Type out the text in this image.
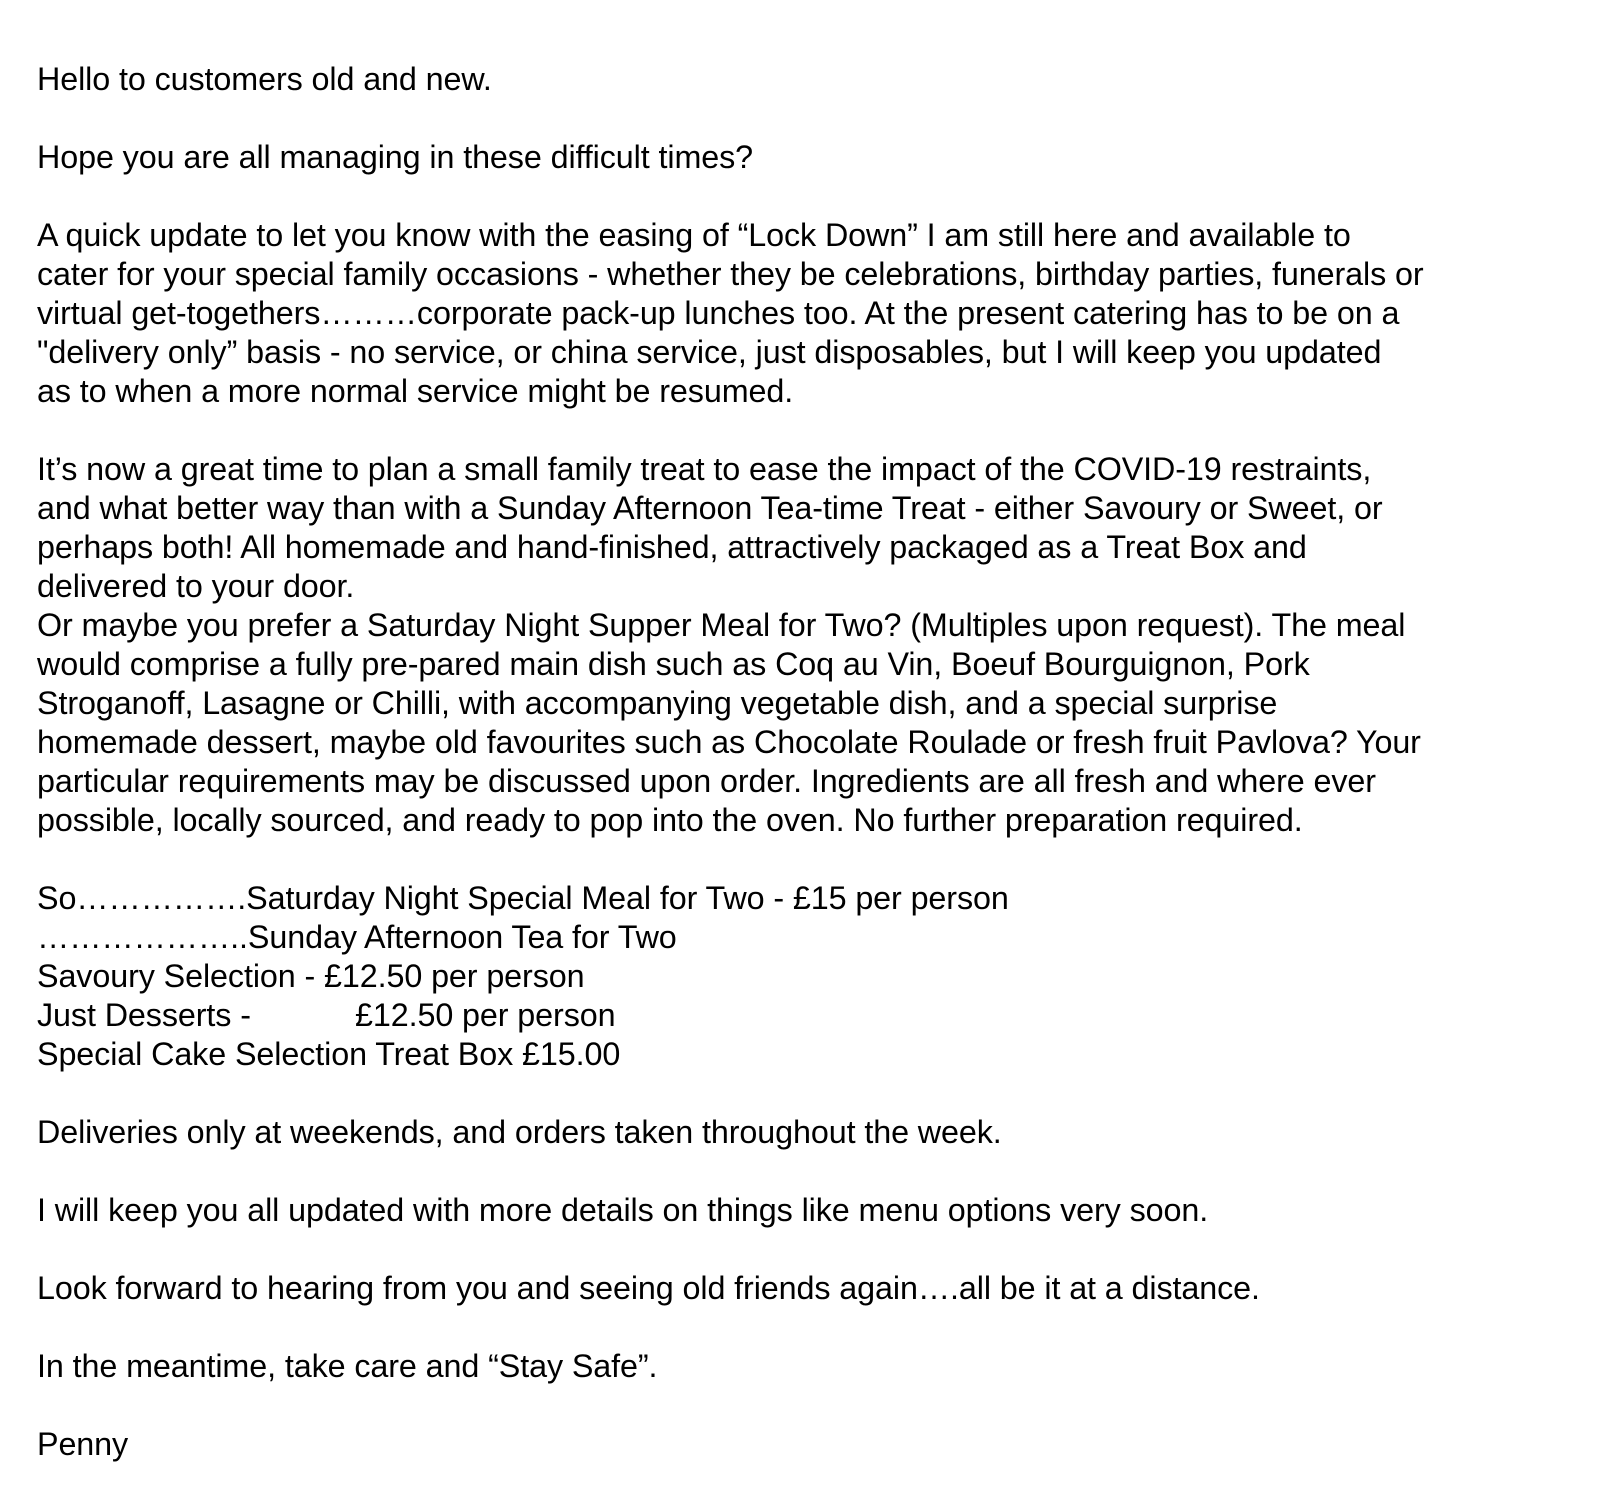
Hello to customers old and new.
Hope you are all managing in these difficult times?
A quick update to let you know with the easing of “Lock Down” I am still here and available to
cater for your special family occasions - whether they be celebrations, birthday parties, funerals or
virtual get-togethers………corporate pack-up lunches too. At the present catering has to be on a
"delivery only” basis - no service, or china service, just disposables, but I will keep you updated
as to when a more normal service might be resumed.
It’s now a great time to plan a small family treat to ease the impact of the COVID-19 restraints,
and what better way than with a Sunday Afternoon Tea-time Treat - either Savoury or Sweet, or
perhaps both! All homemade and hand-finished, attractively packaged as a Treat Box and
delivered to your door.
Or maybe you prefer a Saturday Night Supper Meal for Two? (Multiples upon request). The meal
would comprise a fully pre-pared main dish such as Coq au Vin, Boeuf Bourguignon, Pork
Stroganoff, Lasagne or Chilli, with accompanying vegetable dish, and a special surprise
homemade dessert, maybe old favourites such as Chocolate Roulade or fresh fruit Pavlova? Your
particular requirements may be discussed upon order. Ingredients are all fresh and where ever
possible, locally sourced, and ready to pop into the oven. No further preparation required.
So…………….Saturday Night Special Meal for Two - £15 per person
………………..Sunday Afternoon Tea for Two
Savoury Selection - £12.50 per person
Just Desserts -	£12.50 per person
Special Cake Selection Treat Box £15.00
Deliveries only at weekends, and orders taken throughout the week.
I will keep you all updated with more details on things like menu options very soon.
Look forward to hearing from you and seeing old friends again….all be it at a distance.
In the meantime, take care and “Stay Safe”.
Penny
